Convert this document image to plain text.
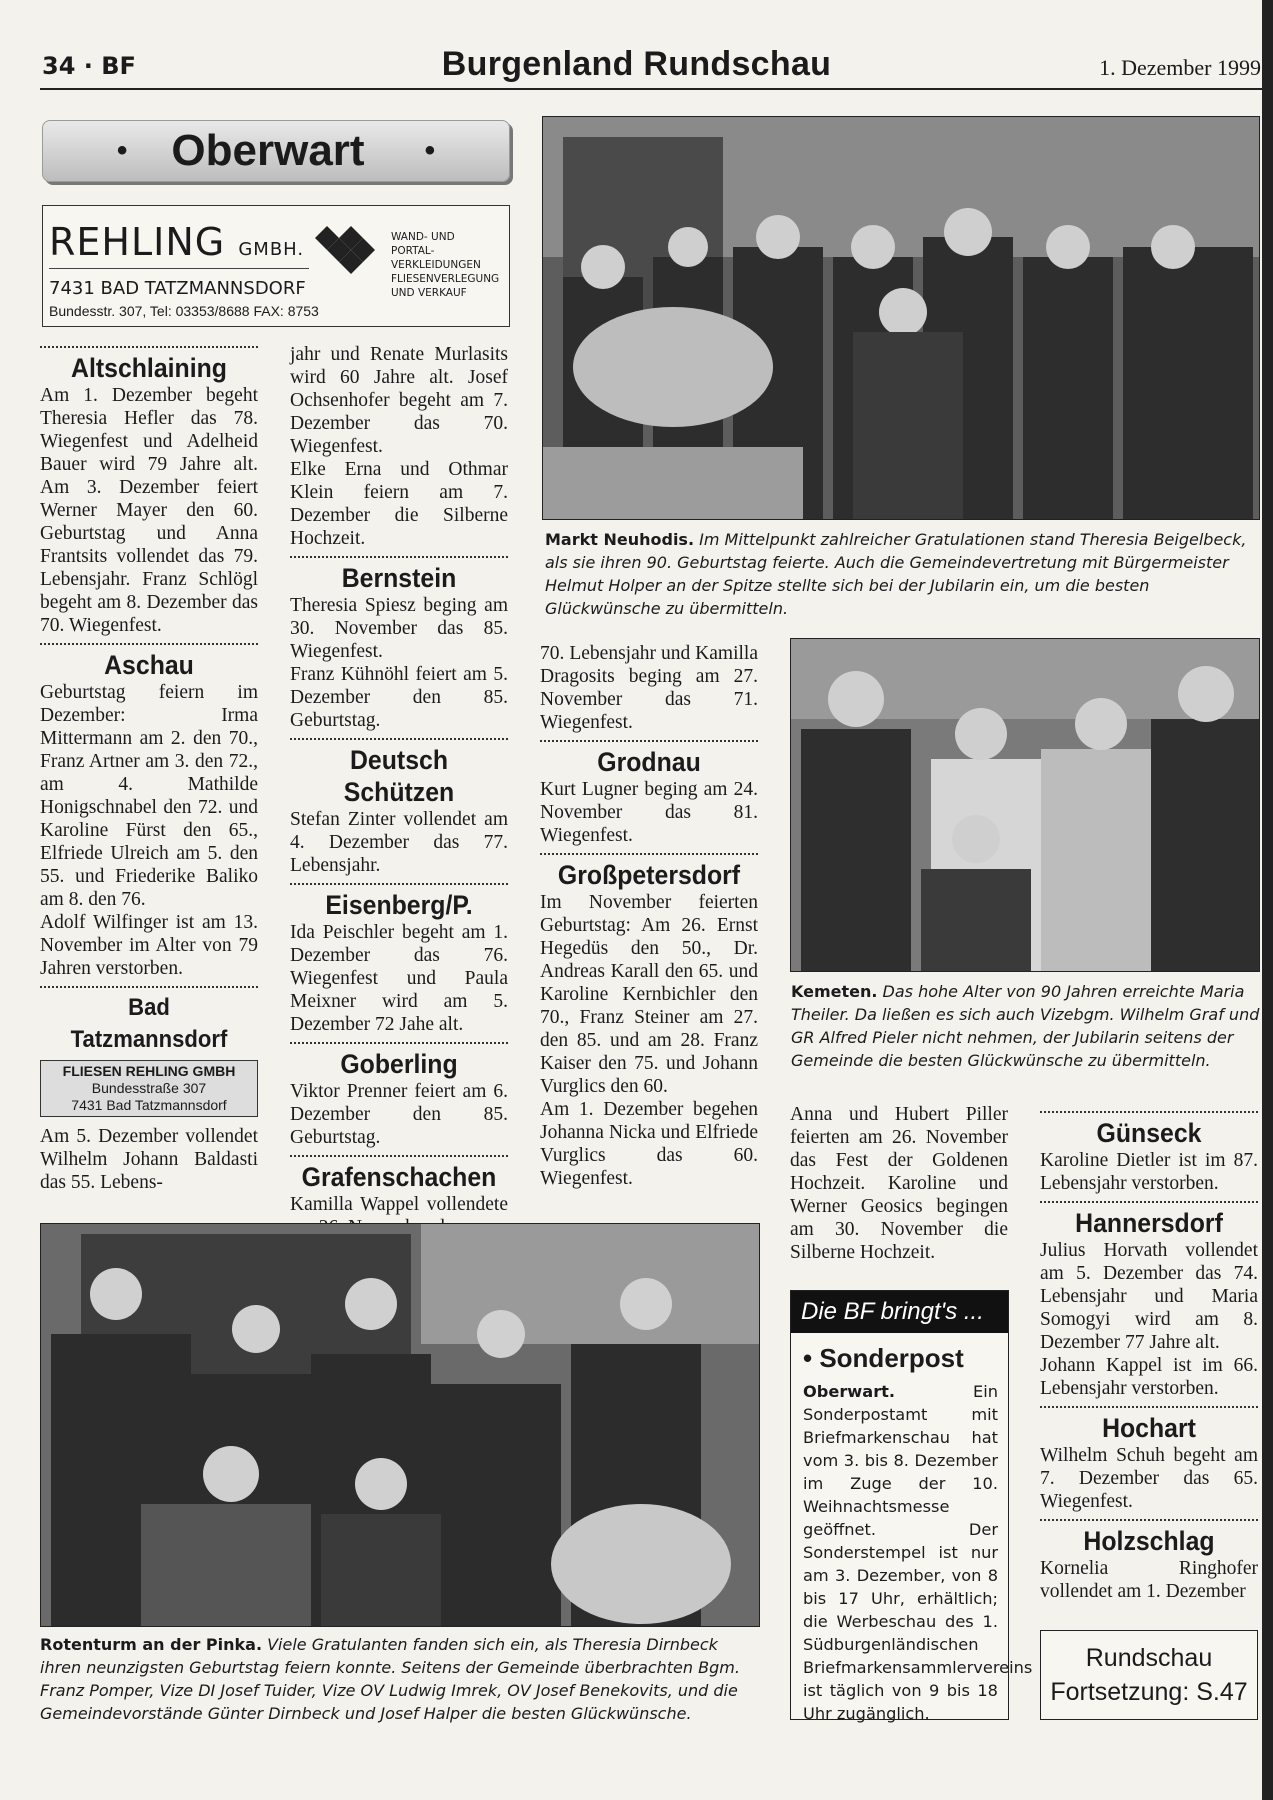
34 · BF	Burgenland Rundschau	1. Dezember 1999
• Oberwart •
REHLING GMBH.
WAND- UND
PORTAL-
VERKLEIDUNGEN
FLIESENVERLEGUNG
UND VERKAUF
7431 BAD TATZMANNSDORF
Bundesstr. 307, Tel: 03353/8688 FAX: 8753

Altschlaining

Am 1. Dezember begeht Theresia Hefler das 78. Wiegenfest und Adelheid Bauer wird 79 Jahre alt. Am 3. Dezember feiert Werner Mayer den 60. Geburtstag und Anna Frantsits vollendet das 79. Lebensjahr. Franz Schlögl begeht am 8. Dezember das 70. Wiegenfest.

Aschau

Geburtstag feiern im Dezember: Irma Mittermann am 2. den 70., Franz Artner am 3. den 72., am 4. Mathilde Honigschnabel den 72. und Karoline Fürst den 65., Elfriede Ulreich am 5. den 55. und Friederike Baliko am 8. den 76.

Adolf Wilfinger ist am 13. November im Alter von 79 Jahren verstorben.

Bad Tatzmannsdorf

FLIESEN REHLING GMBH
Bundesstraße 307
7431 Bad Tatzmannsdorf

Am 5. Dezember vollendet Wilhelm Johann Baldasti das 55. Lebens-

jahr und Renate Murlasits wird 60 Jahre alt. Josef Ochsenhofer begeht am 7. Dezember das 70. Wiegenfest.

Elke Erna und Othmar Klein feiern am 7. Dezember die Silberne Hochzeit.

Bernstein

Theresia Spiesz beging am 30. November das 85. Wiegenfest.

Franz Kühnöhl feiert am 5. Dezember den 85. Geburtstag.

Deutsch Schützen

Stefan Zinter vollendet am 4. Dezember das 77. Lebensjahr.

Eisenberg/P.

Ida Peischler begeht am 1. Dezember das 76. Wiegenfest und Paula Meixner wird am 5. Dezember 72 Jahe alt.

Goberling

Viktor Prenner feiert am 6. Dezember den 85. Geburtstag.

Grafenschachen

Kamilla Wappel vollendete

Markt Neuhodis. Im Mittelpunkt zahlreicher Gratulationen stand Theresia Beigelbeck, als sie ihren 90. Geburtstag feierte. Auch die Gemeindevertretung mit Bürgermeister Helmut Holper an der Spitze stellte sich bei der Jubilarin ein, um die besten Glückwünsche zu übermitteln.

70. Lebensjahr und Kamilla Dragosits beging am 27. November das 71. Wiegenfest.

Grodnau

Kurt Lugner beging am 24. November das 81. Wiegenfest.

Großpetersdorf

Im November feierten Geburtstag: Am 26. Ernst Hegedüs den 50., Dr. Andreas Karall den 65. und Karoline Kernbichler den 70., Franz Steiner am 27. den 85. und am 28. Franz Kaiser den 75. und Johann Vurglics den 60.

Am 1. Dezember begehen Johanna Nicka und Elfriede Vurglics das 60. Wiegenfest.

Kemeten. Das hohe Alter von 90 Jahren erreichte Maria Theiler. Da ließen es sich auch Vizebgm. Wilhelm Graf und GR Alfred Pieler nicht nehmen, der Jubilarin seitens der Gemeinde die besten Glückwünsche zu übermitteln.

Anna und Hubert Piller feierten am 26. November das Fest der Goldenen Hochzeit. Karoline und Werner Geosics begingen am 30. November die Silberne Hochzeit.

Die BF bringt's ...
• Sonderpost
Oberwart. Ein Sonderpostamt mit Briefmarkenschau hat vom 3. bis 8. Dezember im Zuge der 10. Weihnachtsmesse geöffnet. Der Sonderstempel ist nur am 3. Dezember, von 8 bis 17 Uhr, erhältlich; die Werbeschau des 1. Südburgenländischen Briefmarkensammlervereins ist täglich von 9 bis 18 Uhr zugänglich.

Günseck

Karoline Dietler ist im 87. Lebensjahr verstorben.

Hannersdorf

Julius Horvath vollendet am 5. Dezember das 74. Lebensjahr und Maria Somogyi wird am 8. Dezember 77 Jahre alt.

Johann Kappel ist im 66. Lebensjahr verstorben.

Hochart

Wilhelm Schuh begeht am 7. Dezember das 65. Wiegenfest.

Holzschlag

Kornelia Ringhofer vollendet am 1. Dezember

Rundschau
Fortsetzung: S.47
Rotenturm an der Pinka. Viele Gratulanten fanden sich ein, als Theresia Dirnbeck ihren neunzigsten Geburtstag feiern konnte. Seitens der Gemeinde überbrachten Bgm. Franz Pomper, Vize DI Josef Tuider, Vize OV Ludwig Imrek, OV Josef Benekovits, und die Gemeindevorstände Günter Dirnbeck und Josef Halper die besten Glückwünsche.
